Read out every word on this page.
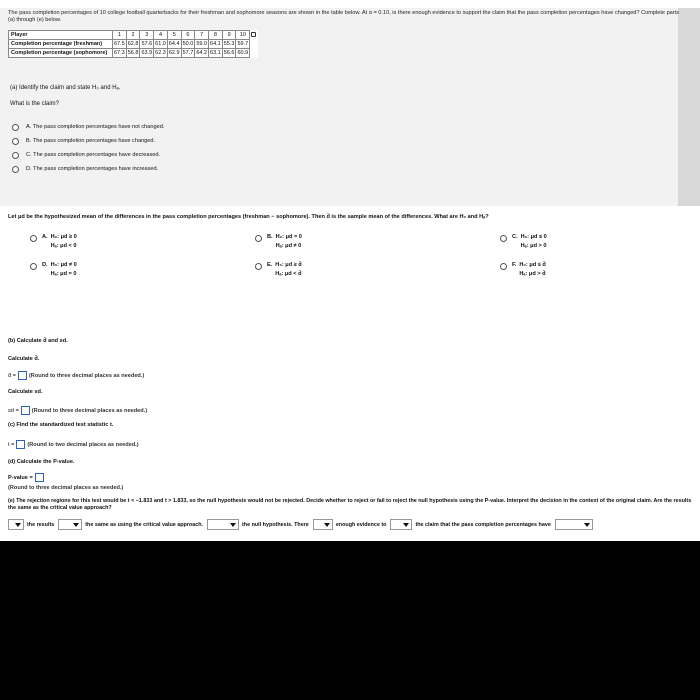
The pass completion percentages of 10 college football quarterbacks for their freshman and sophomore seasons are shown in the table below. At α = 0.10, is there enough evidence to support the claim that the pass completion percentages have changed? Complete parts (a) through (e) below.
Player	1	2	3	4	5	6	7	8	9	10	
Completion percentage (freshman)	67.5	62.8	57.6	61.0	64.4	50.0	59.0	64.1	55.3	59.7	
Completion percentage (sophomore)	67.3	56.8	63.9	62.3	62.9	57.7	64.2	63.1	56.6	60.9	
(a) Identify the claim and state H₀ and Hₐ.
What is the claim?
A.
The pass completion percentages have not changed.
B.
The pass completion percentages have changed.
C.
The pass completion percentages have decreased.
D.
The pass completion percentages have increased.
Let μd be the hypothesized mean of the differences in the pass completion percentages (freshman − sophomore). Then d̄ is the sample mean of the differences. What are H₀ and Hₐ?
A. H₀: μd ≥ 0
Hₐ: μd < 0
B. H₀: μd = 0
Hₐ: μd ≠ 0
C. H₀: μd ≤ 0
Hₐ: μd > 0
D. H₀: μd ≠ 0
Hₐ: μd = 0
E. H₀: μd ≥ d̄
Hₐ: μd < d̄
F. H₀: μd ≤ d̄
Hₐ: μd > d̄
(b) Calculate d̄ and sd.
Calculate d̄.
d̄ = (Round to three decimal places as needed.)
Calculate sd.
sd = (Round to three decimal places as needed.)
(c) Find the standardized test statistic t.
t = (Round to two decimal places as needed.)
(d) Calculate the P-value.
P-value =
(Round to three decimal places as needed.)
(e) The rejection regions for this test would be t < −1.833 and t > 1.833, so the null hypothesis would not be rejected. Decide whether to reject or fail to reject the null hypothesis using the P-value. Interpret the decision in the context of the original claim. Are the results the same as the critical value approach?
the results	the same as using the critical value approach.	the null hypothesis. There	enough evidence to	the claim that the pass completion percentages have
